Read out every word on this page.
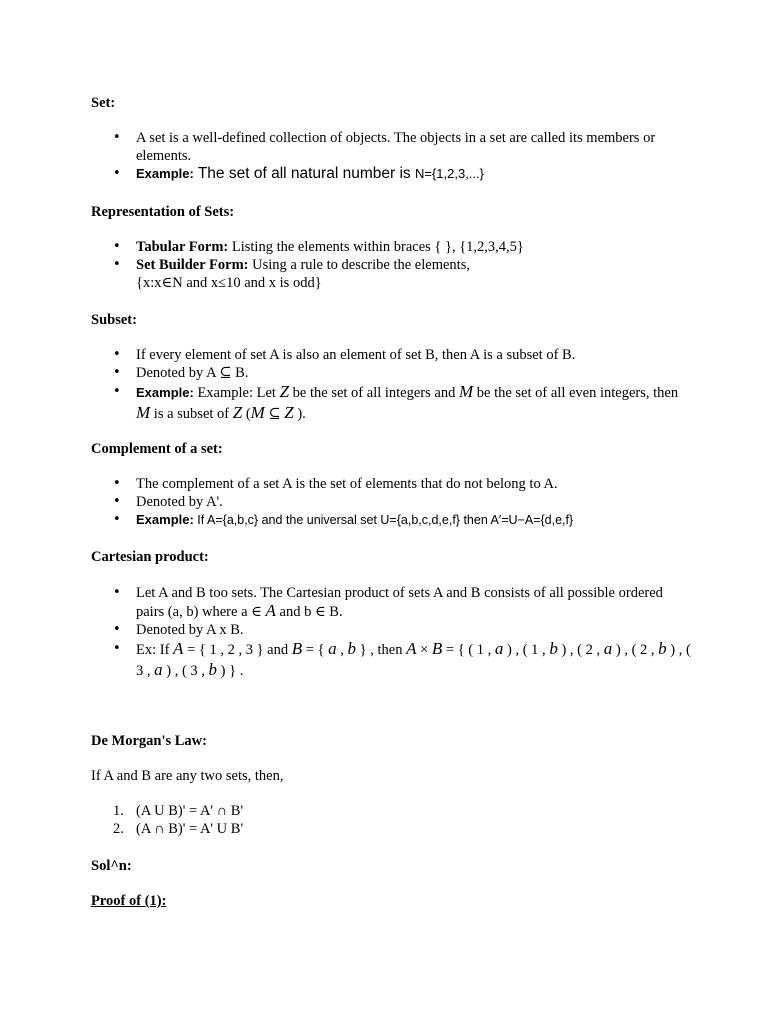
Set:
• A set is a well-defined collection of objects. The objects in a set are called its members or elements.
• Example: The set of all natural number is N={1,2,3,...}
Representation of Sets:
• Tabular Form: Listing the elements within braces { }, {1,2,3,4,5}
• Set Builder Form: Using a rule to describe the elements,
{x:x∈N and x≤10 and x is odd}
Subset:
• If every element of set A is also an element of set B, then A is a subset of B.
• Denoted by A ⊆ B.
• Example: Example: Let Z be the set of all integers and M be the set of all even integers, then M is a subset of Z (M ⊆ Z ).
Complement of a set:
• The complement of a set A is the set of elements that do not belong to A.
• Denoted by A'.
• Example: If A={a,b,c} and the universal set U={a,b,c,d,e,f} then A′=U−A={d,e,f}
Cartesian product:
• Let A and B too sets. The Cartesian product of sets A and B consists of all possible ordered pairs (a, b) where a ∈ A and b ∈ B.
• Denoted by A x B.
• Ex: If A = { 1 , 2 , 3 } and B = { a , b } , then A × B = { ( 1 , a ) , ( 1 , b ) , ( 2 , a ) , ( 2 , b ) , ( 3 , a ) , ( 3 , b ) } .
De Morgan's Law:
If A and B are any two sets, then,
1. (A U B)' = A' ∩ B'
2. (A ∩ B)' = A' U B'
Sol^n:
Proof of (1):
